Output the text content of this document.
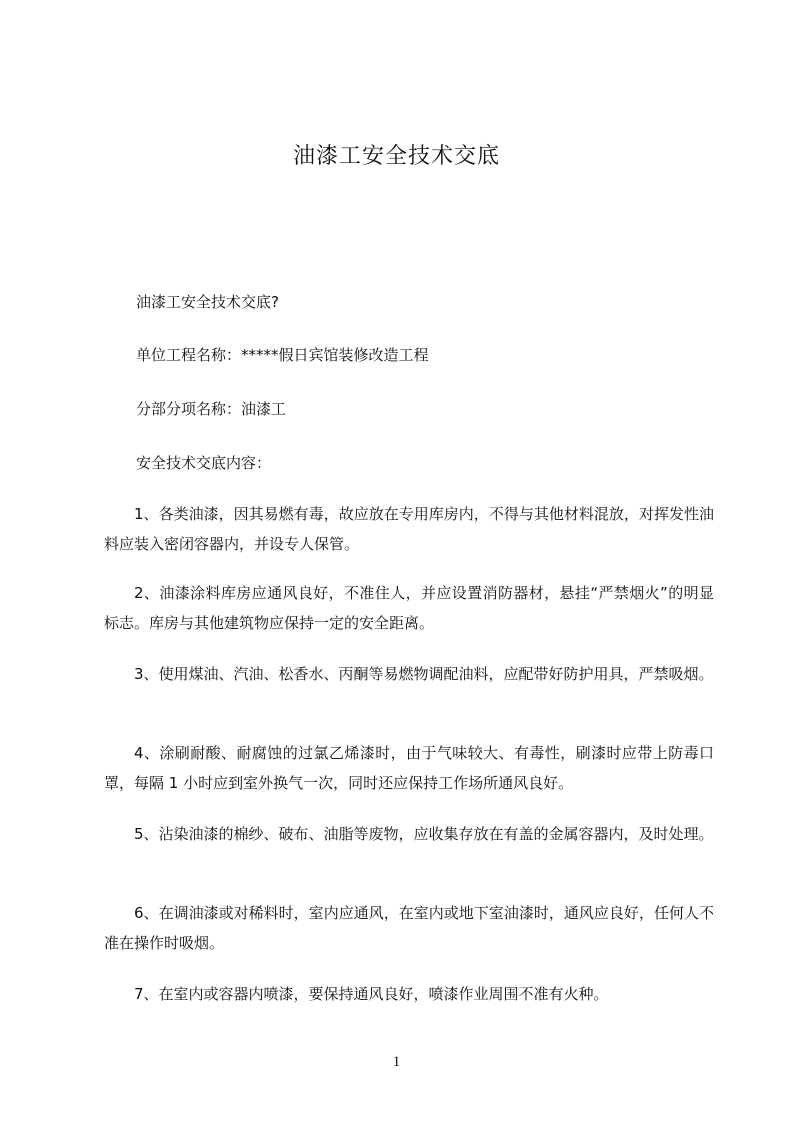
油漆工安全技术交底

油漆工安全技术交底?

单位工程名称：*****假日宾馆装修改造工程

分部分项名称：油漆工

安全技术交底内容：

1、各类油漆，因其易燃有毒，故应放在专用库房内，不得与其他材料混放，对挥发性油料应装入密闭容器内，并设专人保管。

2、油漆涂料库房应通风良好，不准住人，并应设置消防器材，悬挂“严禁烟火”的明显标志。库房与其他建筑物应保持一定的安全距离。

3、使用煤油、汽油、松香水、丙酮等易燃物调配油料，应配带好防护用具，严禁吸烟。

4、涂刷耐酸、耐腐蚀的过氯乙烯漆时，由于气味较大、有毒性，刷漆时应带上防毒口罩，每隔 1 小时应到室外换气一次，同时还应保持工作场所通风良好。

5、沾染油漆的棉纱、破布、油脂等废物，应收集存放在有盖的金属容器内，及时处理。

6、在调油漆或对稀料时，室内应通风，在室内或地下室油漆时，通风应良好，任何人不准在操作时吸烟。

7、在室内或容器内喷漆，要保持通风良好，喷漆作业周围不准有火种。

1
